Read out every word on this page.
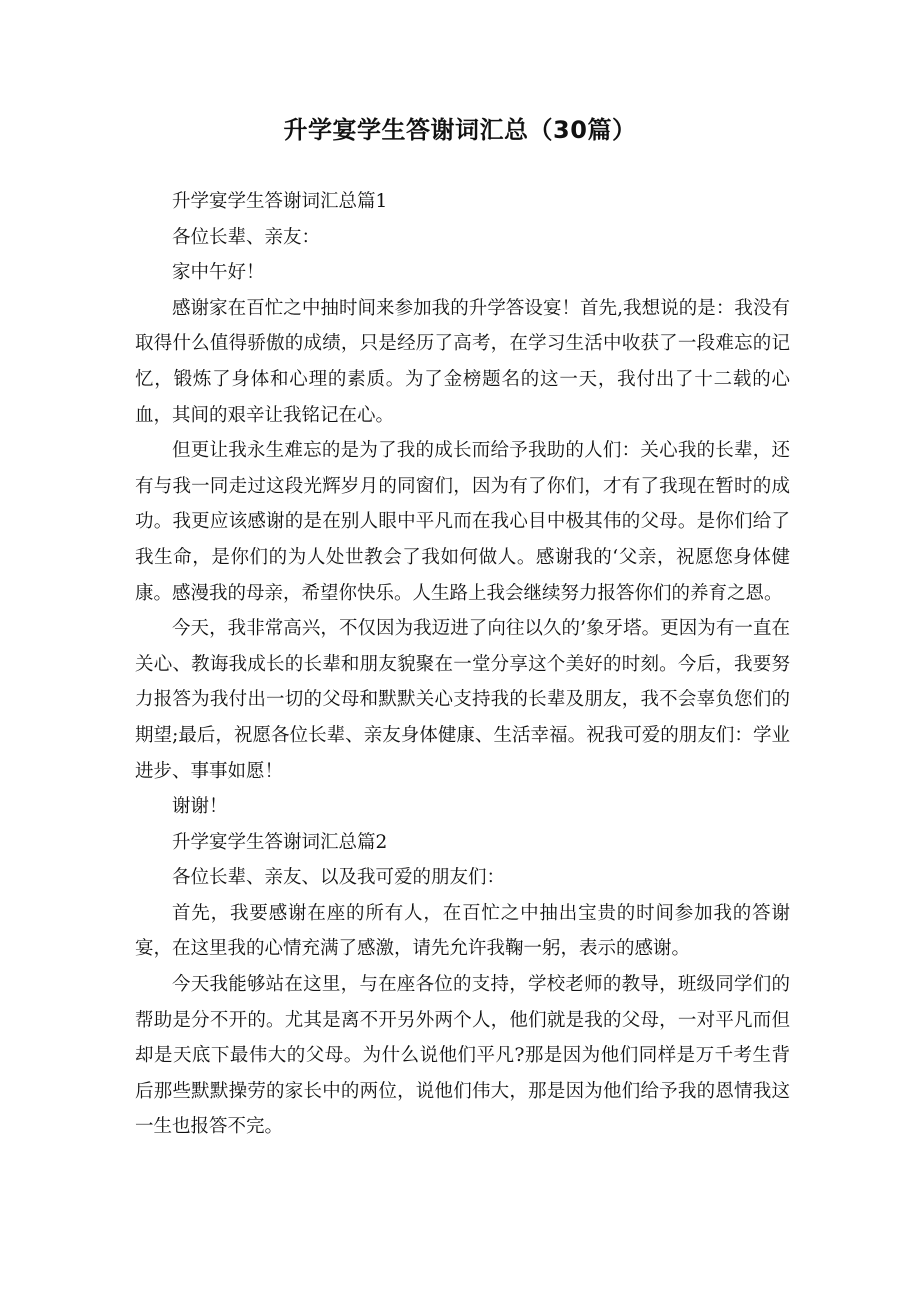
升学宴学生答谢词汇总（30篇）

升学宴学生答谢词汇总篇1

各位长辈、亲友：

家中午好！

感谢家在百忙之中抽时间来参加我的升学答设宴！首先,我想说的是：我没有取得什么值得骄傲的成绩，只是经历了高考，在学习生活中收获了一段难忘的记忆，锻炼了身体和心理的素质。为了金榜题名的这一天，我付出了十二载的心血，其间的艰辛让我铭记在心。

但更让我永生难忘的是为了我的成长而给予我助的人们：关心我的长辈，还有与我一同走过这段光辉岁月的同窗们，因为有了你们，才有了我现在暂时的成功。我更应该感谢的是在别人眼中平凡而在我心目中极其伟的父母。是你们给了我生命，是你们的为人处世教会了我如何做人。感谢我的‘父亲，祝愿您身体健康。感漫我的母亲，希望你快乐。人生路上我会继续努力报答你们的养育之恩。

今天，我非常高兴，不仅因为我迈进了向往以久的’象牙塔。更因为有一直在关心、教诲我成长的长辈和朋友貌聚在一堂分享这个美好的时刻。今后，我要努力报答为我付出一切的父母和默默关心支持我的长辈及朋友，我不会辜负您们的期望;最后，祝愿各位长辈、亲友身体健康、生活幸福。祝我可爱的朋友们：学业进步、事事如愿！

谢谢！

升学宴学生答谢词汇总篇2

各位长辈、亲友、以及我可爱的朋友们：

首先，我要感谢在座的所有人，在百忙之中抽出宝贵的时间参加我的答谢宴，在这里我的心情充满了感激，请先允许我鞠一躬，表示的感谢。

今天我能够站在这里，与在座各位的支持，学校老师的教导，班级同学们的帮助是分不开的。尤其是离不开另外两个人，他们就是我的父母，一对平凡而但却是天底下最伟大的父母。为什么说他们平凡?那是因为他们同样是万千考生背后那些默默操劳的家长中的两位，说他们伟大，那是因为他们给予我的恩情我这一生也报答不完。
